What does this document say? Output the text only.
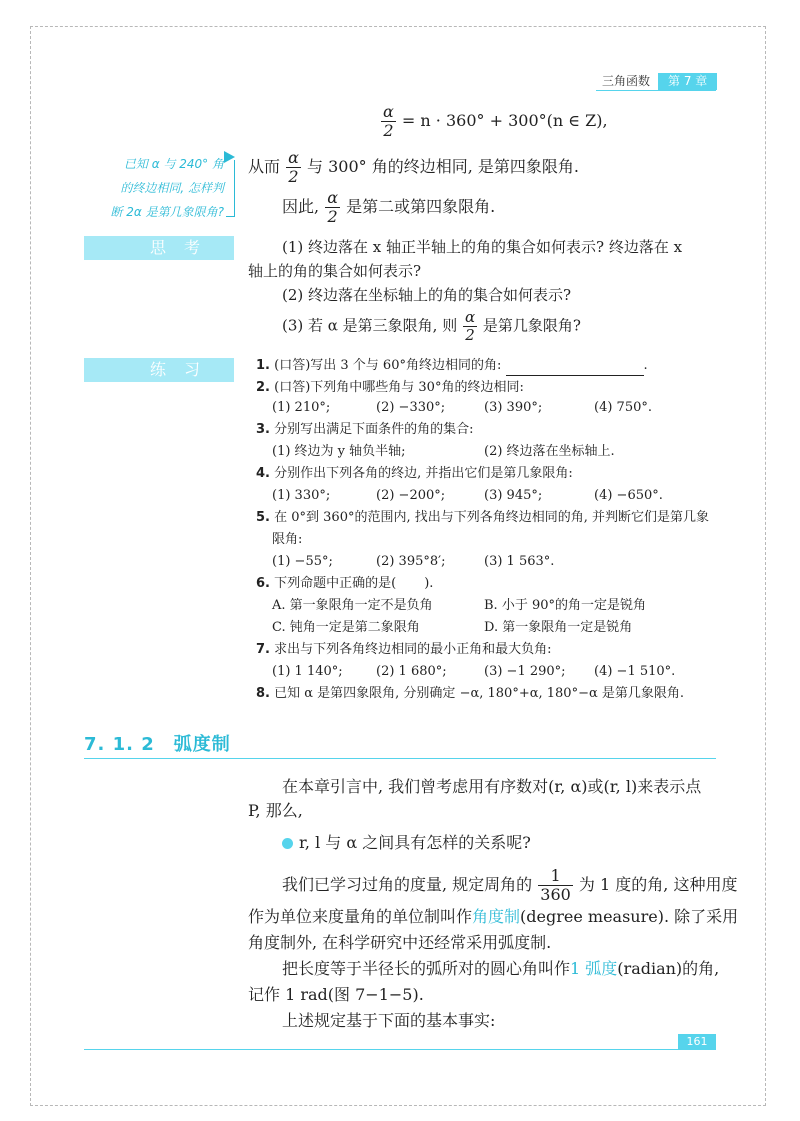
三角函数	第 7 章
$\frac{\alpha}{2} = n \cdot 360^\circ + 300^\circ(n$ ∈ Z),
已知 α 与 240° 角
的终边相同, 怎样判
断 2α 是第几象限角?
从而 $\frac{\alpha}{2}$ 与 300° 角的终边相同, 是第四象限角.
因此, $\frac{\alpha}{2}$ 是第二或第四象限角.
思考	(1) 终边落在 x 轴正半轴上的角的集合如何表示? 终边落在 x
轴上的角的集合如何表示?
(2) 终边落在坐标轴上的角的集合如何表示?
(3) 若 α 是第三象限角, 则 $\frac{\alpha}{2}$ 是第几象限角?
练习	1. (口答)写出 3 个与 60°角终边相同的角:	.
2. (口答)下列角中哪些角与 30°角的终边相同:
(1) 210°;	(2) −330°;	(3) 390°;	(4) 750°.
3. 分别写出满足下面条件的角的集合:
(1) 终边为 y 轴负半轴;	(2) 终边落在坐标轴上.
4. 分别作出下列各角的终边, 并指出它们是第几象限角:
(1) 330°;	(2) −200°;	(3) 945°;	(4) −650°.
5. 在 0°到 360°的范围内, 找出与下列各角终边相同的角, 并判断它们是第几象
限角:
(1) −55°;	(2) 395°8′;	(3) 1 563°.
6. 下列命题中正确的是( ).
A. 第一象限角一定不是负角	B. 小于 90°的角一定是锐角
C. 钝角一定是第二象限角	D. 第一象限角一定是锐角
7. 求出与下列各角终边相同的最小正角和最大负角:
(1) 1 140°;	(2) 1 680°;	(3) −1 290°; (4) −1 510°.
8. 已知 α 是第四象限角, 分别确定 −α, 180°+α, 180°−α 是第几象限角.
7. 1. 2　弧度制
在本章引言中, 我们曾考虑用有序数对(r, α)或(r, l)来表示点
P, 那么,
r, l 与 α 之间具有怎样的关系呢?
我们已学习过角的度量, 规定周角的 $\frac{1}{360}$ 为 1 度的角, 这种用度
作为单位来度量角的单位制叫作角度制(degree measure). 除了采用
角度制外, 在科学研究中还经常采用弧度制.
把长度等于半径长的弧所对的圆心角叫作1 弧度(radian)的角,
记作 1 rad(图 7−1−5).
上述规定基于下面的基本事实:
161
